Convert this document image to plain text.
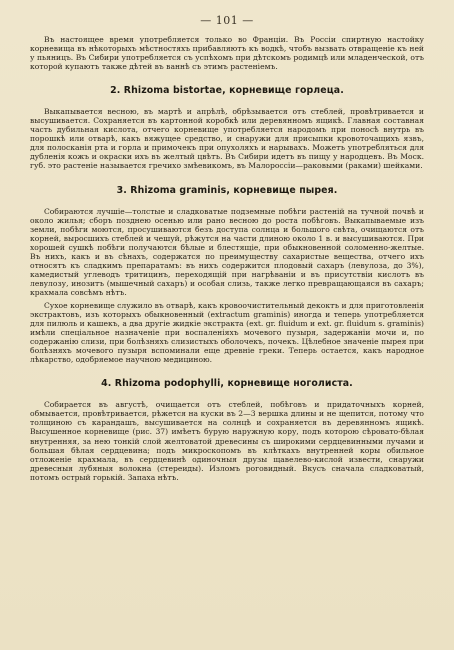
— 101 —

Въ настоящее время употребляется только во Франціи. Въ Россіи спиртную настойку корневища въ нѣкоторыхъ мѣстностяхъ прибавляютъ къ водкѣ, чтобъ вызвать отвращеніе къ ней у пьяницъ. Въ Сибири употребляется съ успѣхомъ при дѣтскомъ родимцѣ или младенческой, отъ которой купаютъ также дѣтей въ ваннѣ съ этимъ растеніемъ.

2. Rhizoma bistortae, корневище горлеца.

Выкапывается весною, въ мартѣ и апрѣлѣ, обрѣзывается отъ стеблей, провѣтривается и высушивается. Сохраняется въ картонной коробкѣ или деревянномъ ящикѣ. Главная составная часть дубильная кислота, отчего корневище употребляется народомъ при поносѣ внутрь въ порошкѣ или отварѣ, какъ вяжущее средство, и снаружи для присыпки кровоточащихъ язвъ, для полосканія рта и горла и примочекъ при опухоляхъ и нарывахъ. Можетъ употребляться для дубленія кожъ и окраски ихъ въ желтый цвѣтъ. Въ Сибири идетъ въ пищу у народцевъ. Въ Моск. губ. это растеніе называется гречихо змѣевикомъ, въ Малороссіи—раковыми (раками) шейками.

3. Rhizoma graminis, корневище пырея.

Собираются лучшіе—толстые и сладковатые подземные побѣги растеній на тучной почвѣ и около жилья; сборъ позднею осенью или рано весною до роста побѣговъ. Выкапываемые изъ земли, побѣги моются, просушиваются безъ доступа солнца и большого свѣта, очищаются отъ корней, выросшихъ стеблей и чешуй, рѣжутся на части длиною около 1 в. и высушиваются. При хорошей сушкѣ побѣги получаются бѣлые и блестящіе, при обыкновенной соломенно-желтые. Въ нихъ, какъ и въ сѣнахъ, содержатся по преимуществу сахаристые вещества, отчего ихъ относятъ къ сладкимъ препаратамъ: въ нихъ содержится плодовый сахаръ (левулоза, до 3%), камедистый углеводъ тритицинъ, переходящій при нагрѣваніи и въ присутствіи кислотъ въ левулозу, инозитъ (мышечный сахаръ) и особая слизь, также легко превращающаяся въ сахаръ; крахмала совсѣмъ нѣтъ.

Сухое корневище служило въ отварѣ, какъ кровоочистительный декоктъ и для приготовленія экстрактовъ, изъ которыхъ обыкновенный (extractum graminis) иногда и теперь употребляется для пилюль и кашекъ, а два другіе жидкіе экстракта (ext. gr. fluidum и ext. gr. fluidum s. graminis) имѣли спеціальное назначеніе при воспаленіяхъ мочевого пузыря, задержаніи мочи и, по содержанію слизи, при болѣзняхъ слизистыхъ оболочекъ, почекъ. Цѣлебное значеніе пырея при болѣзняхъ мочевого пузыря вспоминали еще древніе греки. Теперь остается, какъ народное лѣкарство, одобряемое научною медициною.

4. Rhizoma podophylli, корневище ноголиста.

Собирается въ августѣ, очищается отъ стеблей, побѣговъ и придаточныхъ корней, обмывается, провѣтривается, рѣжется на куски въ 2—3 вершка длины и не щепится, потому что толщиною съ карандашъ, высушивается на солнцѣ и сохраняется въ деревянномъ ящикѣ. Высушенное корневище (рис. 37) имѣетъ бурую наружную кору, подъ которою сѣровато-бѣлая внутренняя, за нею тонкій слой желтоватой древесины съ широкими сердцевинными лучами и большая бѣлая сердцевина; подъ микроскопомъ въ клѣткахъ внутренней коры обильное отложеніе крахмала, въ сердцевинѣ одиночныя друзы щавелево-кислой извести, снаружи древесныя лубяныя волокна (стереиды). Изломъ роговидный. Вкусъ сначала сладковатый, потомъ острый горькій. Запаха нѣтъ.
